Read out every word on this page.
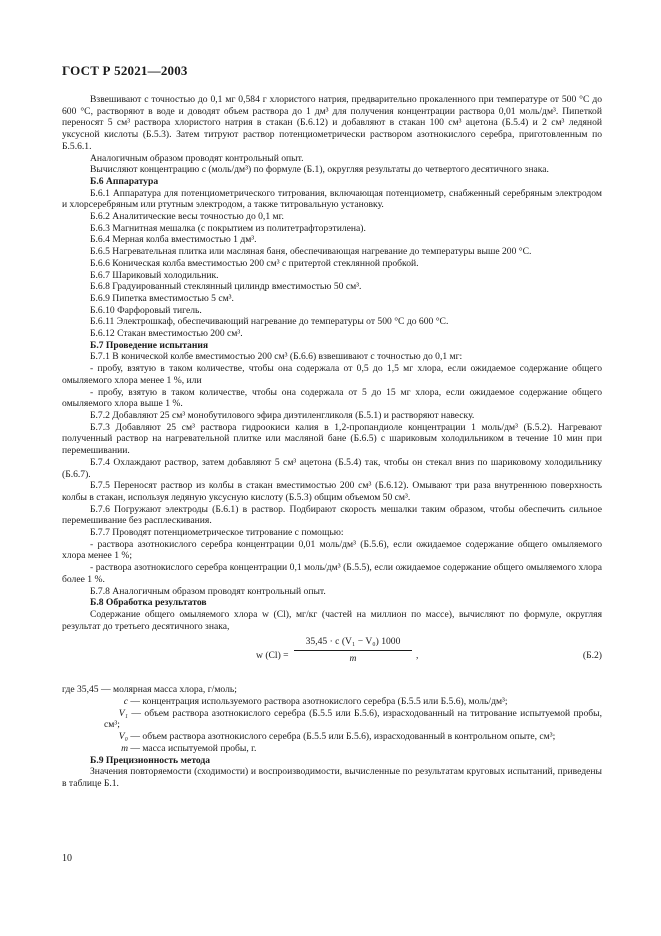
ГОСТ Р 52021—2003

Взвешивают с точностью до 0,1 мг 0,584 г хлористого натрия, предварительно прокаленного при температуре от 500 °С до 600 °С, растворяют в воде и доводят объем раствора до 1 дм³ для получения концентрации раствора 0,01 моль/дм³. Пипеткой переносят 5 см³ раствора хлористого натрия в стакан (Б.6.12) и добавляют в стакан 100 см³ ацетона (Б.5.4) и 2 см³ ледяной уксусной кислоты (Б.5.3). Затем титруют раствор потенциометрически раствором азотнокислого серебра, приготовленным по Б.5.6.1.

Аналогичным образом проводят контрольный опыт.

Вычисляют концентрацию c (моль/дм³) по формуле (Б.1), округляя результаты до четвертого десятичного знака.

Б.6 Аппаратура

Б.6.1 Аппаратура для потенциометрического титрования, включающая потенциометр, снабженный серебряным электродом и хлорсеребряным или ртутным электродом, а также титровальную установку.

Б.6.2 Аналитические весы точностью до 0,1 мг.

Б.6.3 Магнитная мешалка (с покрытием из политетрафторэтилена).

Б.6.4 Мерная колба вместимостью 1 дм³.

Б.6.5 Нагревательная плитка или масляная баня, обеспечивающая нагревание до температуры выше 200 °С.

Б.6.6 Коническая колба вместимостью 200 см³ с притертой стеклянной пробкой.

Б.6.7 Шариковый холодильник.

Б.6.8 Градуированный стеклянный цилиндр вместимостью 50 см³.

Б.6.9 Пипетка вместимостью 5 см³.

Б.6.10 Фарфоровый тигель.

Б.6.11 Электрошкаф, обеспечивающий нагревание до температуры от 500 °С до 600 °С.

Б.6.12 Стакан вместимостью 200 см³.

Б.7 Проведение испытания

Б.7.1 В конической колбе вместимостью 200 см³ (Б.6.6) взвешивают с точностью до 0,1 мг:

- пробу, взятую в таком количестве, чтобы она содержала от 0,5 до 1,5 мг хлора, если ожидаемое содержание общего омыляемого хлора менее 1 %, или

- пробу, взятую в таком количестве, чтобы она содержала от 5 до 15 мг хлора, если ожидаемое содержание общего омыляемого хлора выше 1 %.

Б.7.2 Добавляют 25 см³ монобутилового эфира диэтиленгликоля (Б.5.1) и растворяют навеску.

Б.7.3 Добавляют 25 см³ раствора гидроокиси калия в 1,2-пропандиоле концентрации 1 моль/дм³ (Б.5.2). Нагревают полученный раствор на нагревательной плитке или масляной бане (Б.6.5) с шариковым холодильником в течение 10 мин при перемешивании.

Б.7.4 Охлаждают раствор, затем добавляют 5 см³ ацетона (Б.5.4) так, чтобы он стекал вниз по шариковому холодильнику (Б.6.7).

Б.7.5 Переносят раствор из колбы в стакан вместимостью 200 см³ (Б.6.12). Омывают три раза внутреннюю поверхность колбы в стакан, используя ледяную уксусную кислоту (Б.5.3) общим объемом 50 см³.

Б.7.6 Погружают электроды (Б.6.1) в раствор. Подбирают скорость мешалки таким образом, чтобы обеспечить сильное перемешивание без расплескивания.

Б.7.7 Проводят потенциометрическое титрование с помощью:

- раствора азотнокислого серебра концентрации 0,01 моль/дм³ (Б.5.6), если ожидаемое содержание общего омыляемого хлора менее 1 %;

- раствора азотнокислого серебра концентрации 0,1 моль/дм³ (Б.5.5), если ожидаемое содержание общего омыляемого хлора более 1 %.

Б.7.8 Аналогичным образом проводят контрольный опыт.

Б.8 Обработка результатов

Содержание общего омыляемого хлора w (Cl), мг/кг (частей на миллион по массе), вычисляют по формуле, округляя результат до третьего десятичного знака,

w $(Cl) = \frac{\text{35,45 · c (V₁ − V₀) 1000}}{m}$ ,	(Б.2)

где 35,45 — молярная масса хлора, г/моль;

c — концентрация используемого раствора азотнокислого серебра (Б.5.5 или Б.5.6), моль/дм³;

V₁ — объем раствора азотнокислого серебра (Б.5.5 или Б.5.6), израсходованный на титрование испытуемой пробы, см³;

V₀ — объем раствора азотнокислого серебра (Б.5.5 или Б.5.6), израсходованный в контрольном опыте, см³;

m — масса испытуемой пробы, г.

Б.9 Прецизионность метода

Значения повторяемости (сходимости) и воспроизводимости, вычисленные по результатам круговых испытаний, приведены в таблице Б.1.

10
